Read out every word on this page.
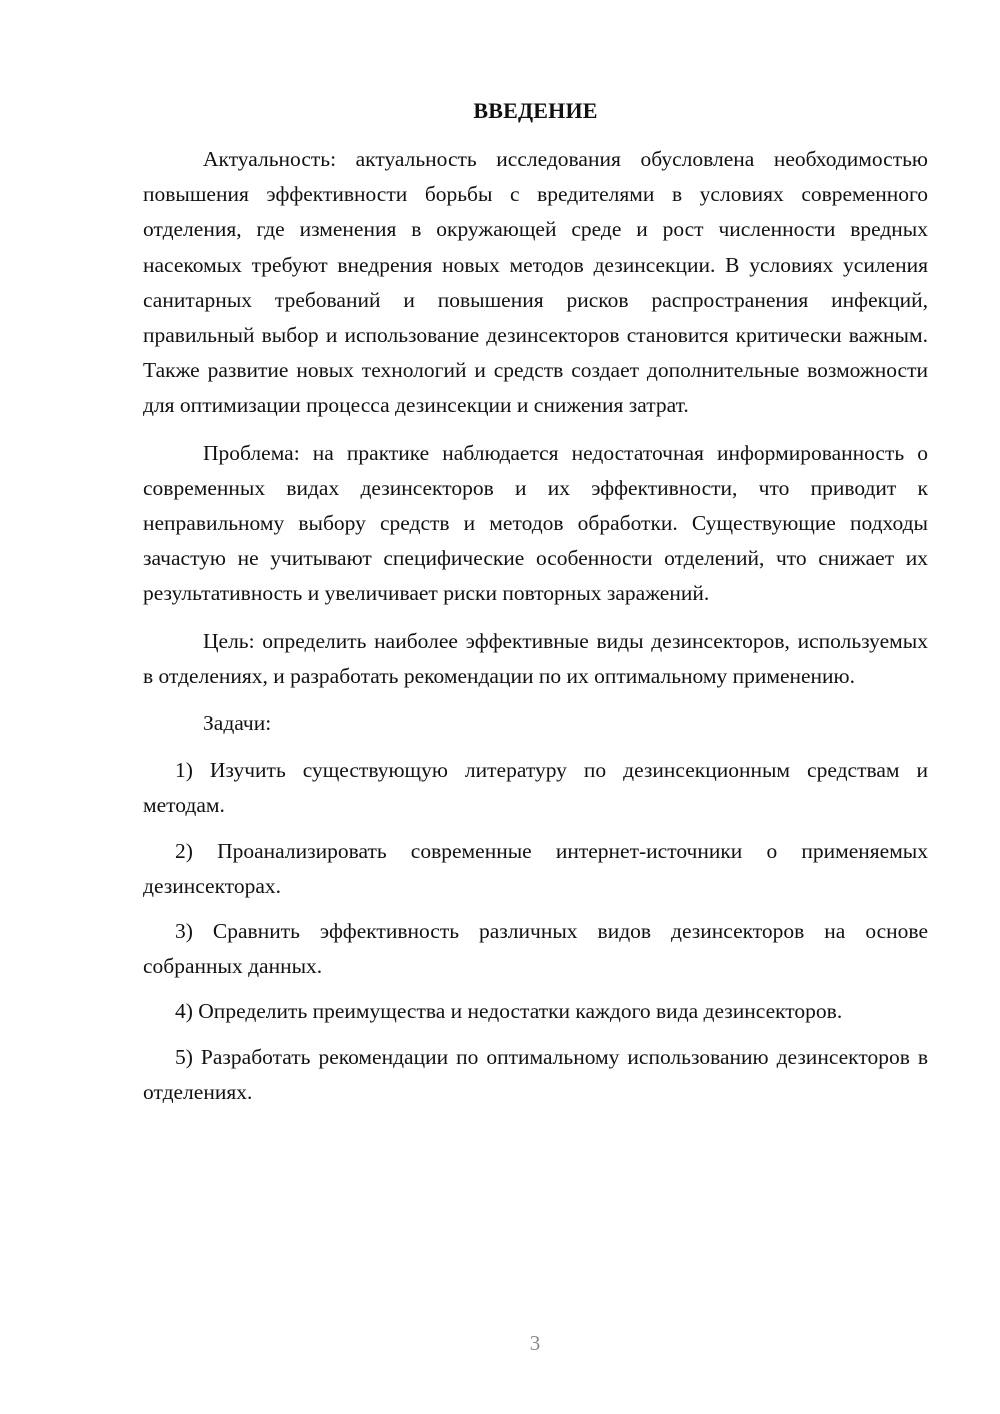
ВВЕДЕНИЕ

Актуальность: актуальность исследования обусловлена необходимостью повышения эффективности борьбы с вредителями в условиях современного отделения, где изменения в окружающей среде и рост численности вредных насекомых требуют внедрения новых методов дезинсекции. В условиях усиления санитарных требований и повышения рисков распространения инфекций, правильный выбор и использование дезинсекторов становится критически важным. Также развитие новых технологий и средств создает дополнительные возможности для оптимизации процесса дезинсекции и снижения затрат.

Проблема: на практике наблюдается недостаточная информированность о современных видах дезинсекторов и их эффективности, что приводит к неправильному выбору средств и методов обработки. Существующие подходы зачастую не учитывают специфические особенности отделений, что снижает их результативность и увеличивает риски повторных заражений.

Цель: определить наиболее эффективные виды дезинсекторов, используемых в отделениях, и разработать рекомендации по их оптимальному применению.

Задачи:

1) Изучить существующую литературу по дезинсекционным средствам и методам.

2) Проанализировать современные интернет-источники о применяемых дезинсекторах.

3) Сравнить эффективность различных видов дезинсекторов на основе собранных данных.

4) Определить преимущества и недостатки каждого вида дезинсекторов.

5) Разработать рекомендации по оптимальному использованию дезинсекторов в отделениях.

3
